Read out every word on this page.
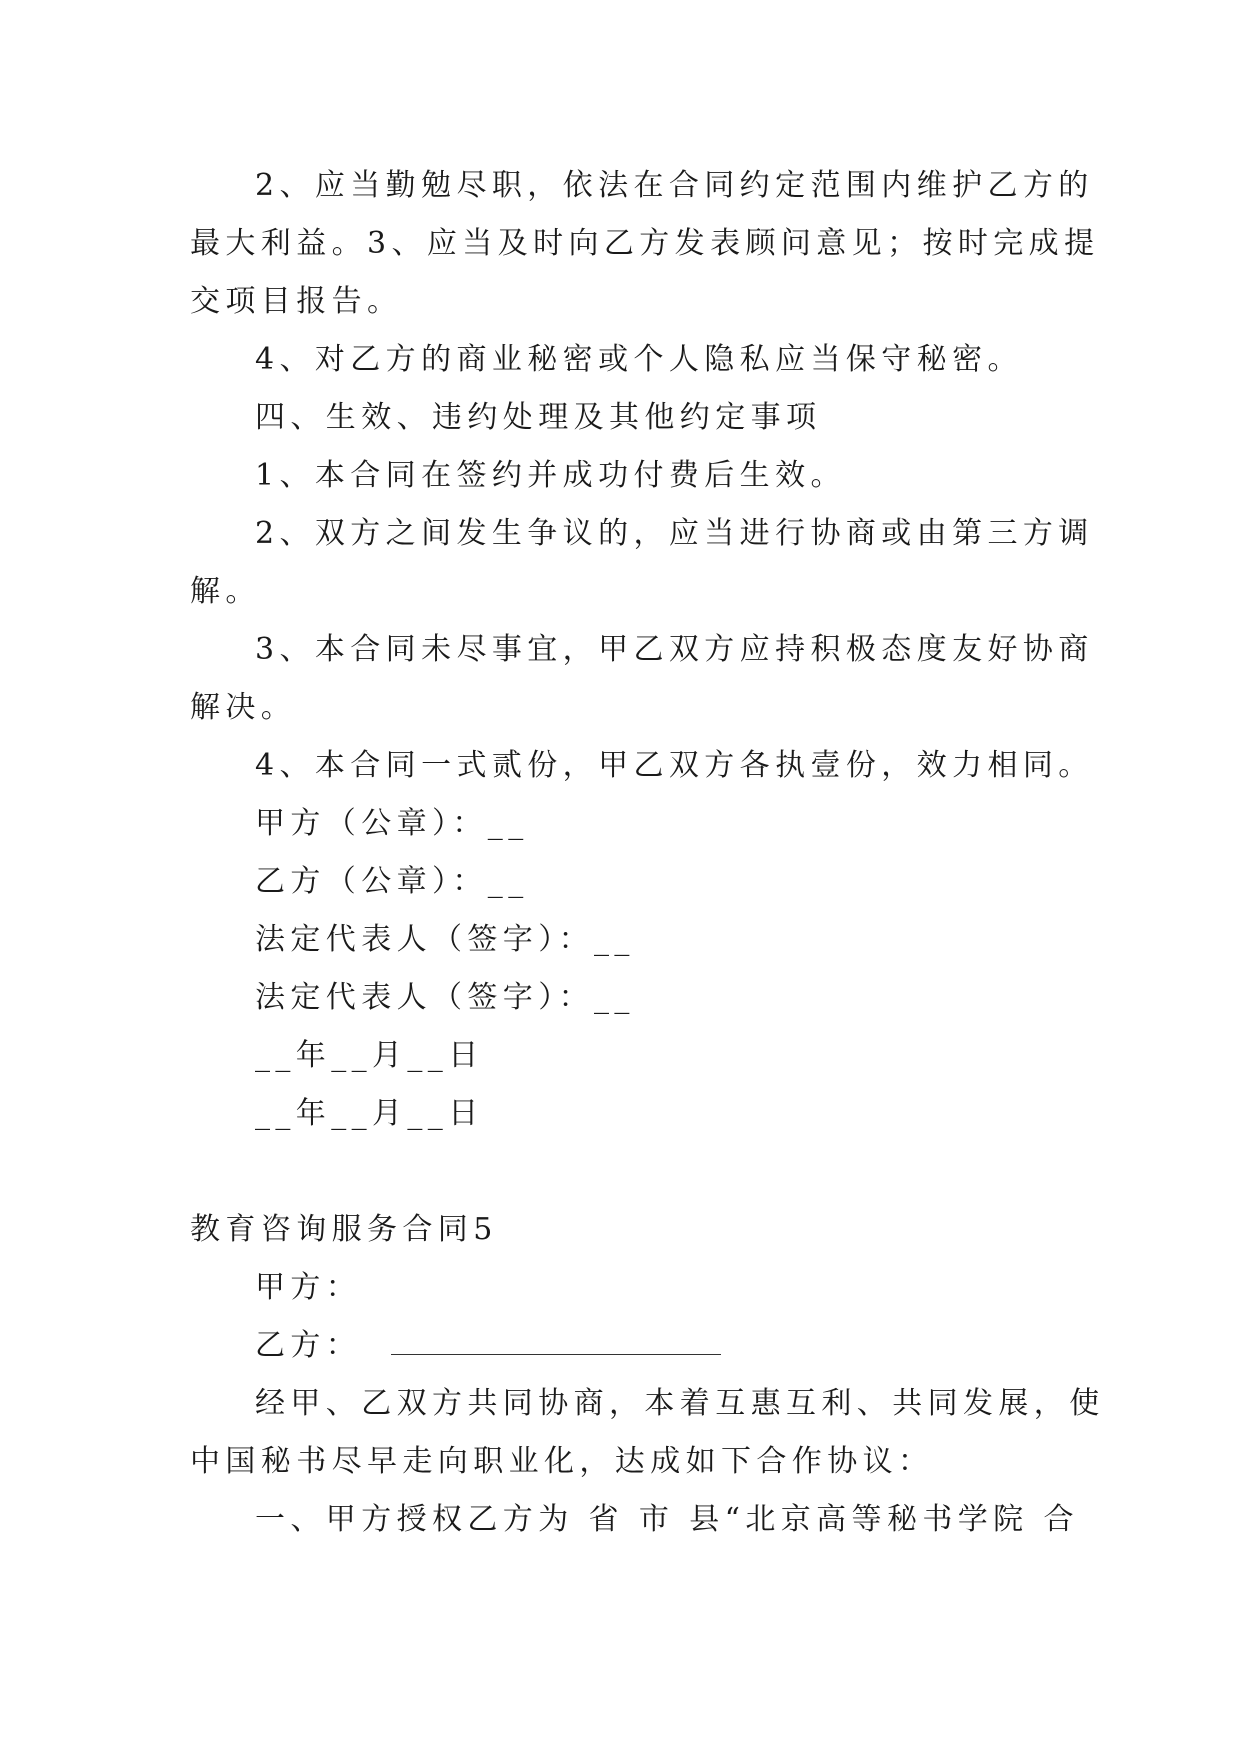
2、应当勤勉尽职，依法在合同约定范围内维护乙方的
最大利益。3、应当及时向乙方发表顾问意见；按时完成提
交项目报告。
4、对乙方的商业秘密或个人隐私应当保守秘密。
四、生效、违约处理及其他约定事项
1、本合同在签约并成功付费后生效。
2、双方之间发生争议的，应当进行协商或由第三方调
解。
3、本合同未尽事宜，甲乙双方应持积极态度友好协商
解决。
4、本合同一式贰份，甲乙双方各执壹份，效力相同。
甲方（公章）：__
乙方（公章）：__
法定代表人（签字）：__
法定代表人（签字）：__
__年__月__日
__年__月__日
教育咨询服务合同5
甲方：
乙方：
经甲、乙双方共同协商，本着互惠互利、共同发展，使
中国秘书尽早走向职业化，达成如下合作协议：
一、甲方授权乙方为 省 市 县“北京高等秘书学院 合
